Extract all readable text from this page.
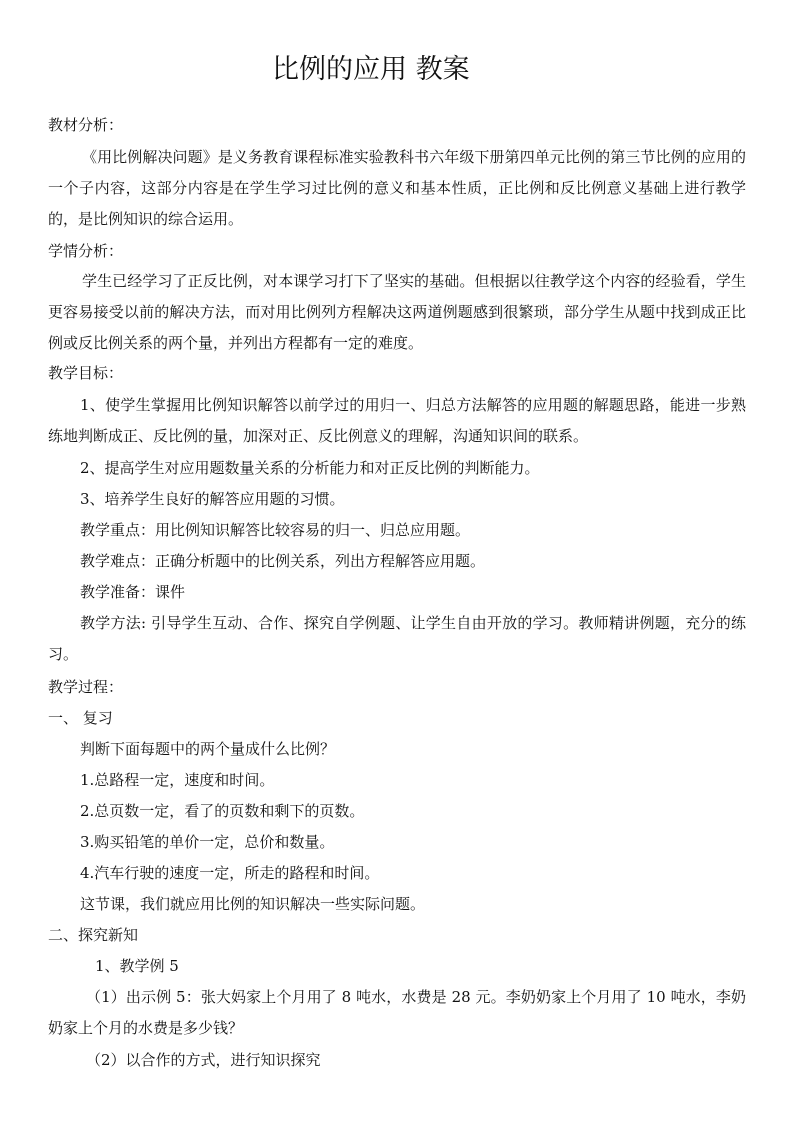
比例的应用 教案
教材分析：
《用比例解决问题》是义务教育课程标准实验教科书六年级下册第四单元比例的第三节比例的应用的一个子内容，这部分内容是在学生学习过比例的意义和基本性质，正比例和反比例意义基础上进行教学的，是比例知识的综合运用。
学情分析：
学生已经学习了正反比例，对本课学习打下了坚实的基础。但根据以往教学这个内容的经验看，学生更容易接受以前的解决方法，而对用比例列方程解决这两道例题感到很繁琐，部分学生从题中找到成正比例或反比例关系的两个量，并列出方程都有一定的难度。
教学目标：
1、使学生掌握用比例知识解答以前学过的用归一、归总方法解答的应用题的解题思路，能进一步熟练地判断成正、反比例的量，加深对正、反比例意义的理解，沟通知识间的联系。
2、提高学生对应用题数量关系的分析能力和对正反比例的判断能力。
3、培养学生良好的解答应用题的习惯。
教学重点：用比例知识解答比较容易的归一、归总应用题。
教学难点：正确分析题中的比例关系，列出方程解答应用题。
教学准备：课件
教学方法: 引导学生互动、合作、探究自学例题、让学生自由开放的学习。教师精讲例题，充分的练习。
教学过程：
一、 复习
判断下面每题中的两个量成什么比例？
1.总路程一定，速度和时间。
2.总页数一定，看了的页数和剩下的页数。
3.购买铅笔的单价一定，总价和数量。
4.汽车行驶的速度一定，所走的路程和时间。
这节课，我们就应用比例的知识解决一些实际问题。
二、探究新知
1、教学例 5
（1）出示例 5：张大妈家上个月用了 8 吨水，水费是 28 元。李奶奶家上个月用了 10 吨水，李奶奶家上个月的水费是多少钱？
（2）以合作的方式，进行知识探究
